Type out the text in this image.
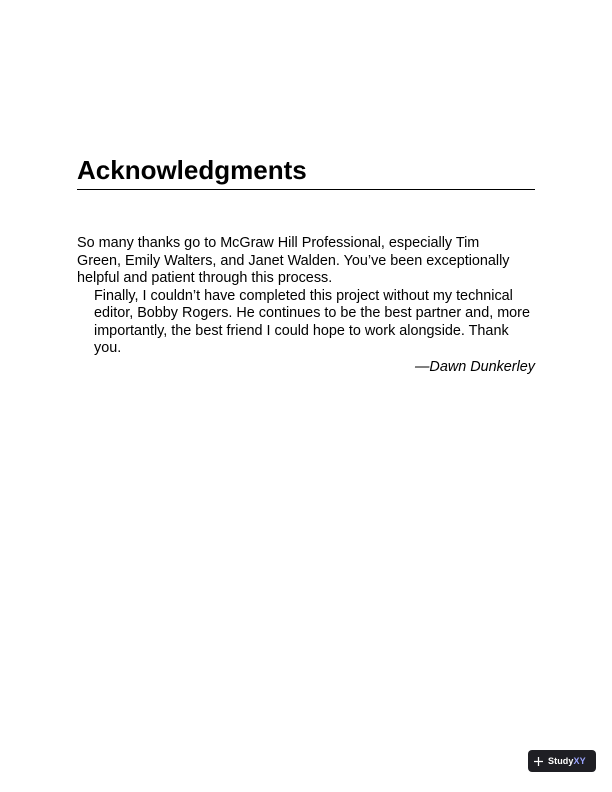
Acknowledgments

So many thanks go to McGraw Hill Professional, especially Tim
Green, Emily Walters, and Janet Walden. You’ve been exceptionally
helpful and patient through this process.

Finally, I couldn’t have completed this project without my technical
editor, Bobby Rogers. He continues to be the best partner and, more
importantly, the best friend I could hope to work alongside. Thank
you.

—Dawn Dunkerley
StudyXY
